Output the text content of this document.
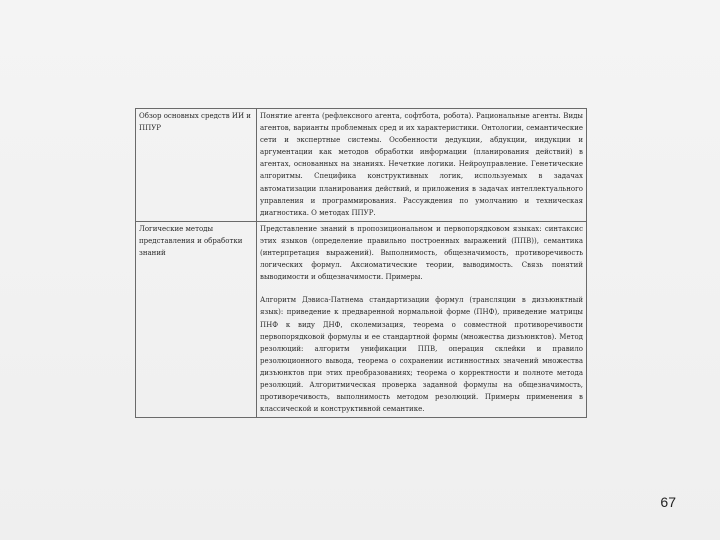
Обзор основных средств ИИ и ППУР	Понятие агента (рефлексного агента, софтбота, робота). Рациональные агенты. Виды агентов, варианты проблемных сред и их характеристики. Онтологии, семантические сети и экспертные системы. Особенности дедукции, абдукции, индукции и аргументации как методов обработки информации (планирования действий) в агентах, основанных на знаниях. Нечеткие логики. Нейроуправление. Генетические алгоритмы. Специфика конструктивных логик, используемых в задачах автоматизации планирования действий, и приложения в задачах интеллектуального управления и программирования. Рассуждения по умолчанию и техническая диагностика. О методах ППУР.

Логические методы представления и обработки знаний	Представление знаний в пропозициональном и первопорядковом языках: синтаксис этих языков (определение правильно построенных выражений (ППВ)), семантика (интерпретация выражений). Выполнимость, общезначимость, противоречивость логических формул. Аксиоматические теории, выводимость. Связь понятий выводимости и общезначимости. Примеры.

Алгоритм Дэвиса-Патнема стандартизации формул (трансляции в дизъюнктный язык): приведение к предваренной нормальной форме (ПНФ), приведение матрицы ПНФ к виду ДНФ, сколемизация, теорема о совместной противоречивости первопорядковой формулы и ее стандартной формы (множества дизъюнктов). Метод резолюций: алгоритм унификации ППВ, операция склейки и правило резолюционного вывода, теорема о сохранении истинностных значений множества дизъюнктов при этих преобразованиях; теорема о корректности и полноте метода резолюций. Алгоритмическая проверка заданной формулы на общезначимость, противоречивость, выполнимость методом резолюций. Примеры применения в классической и конструктивной семантике.

67
